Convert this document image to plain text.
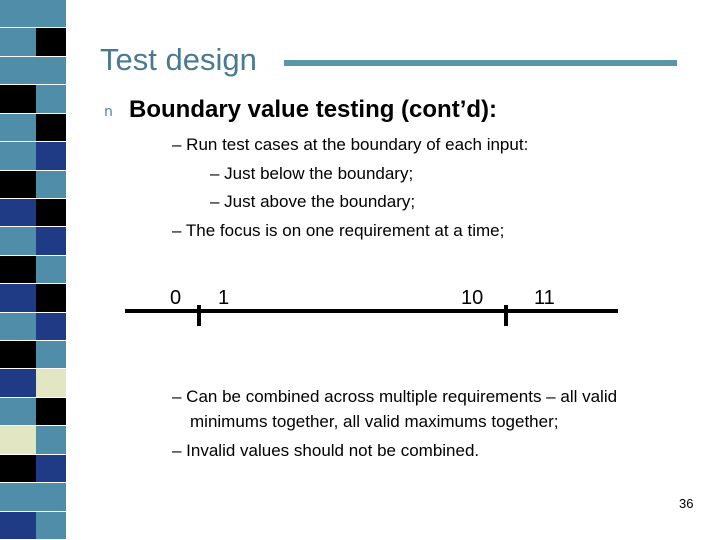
Test design
n Boundary value testing (cont’d):
– Run test cases at the boundary of each input:
– Just below the boundary;
– Just above the boundary;
– The focus is on one requirement at a time;
0 1	10	11
– Can be combined across multiple requirements – all valid
minimums together, all valid maximums together;
– Invalid values should not be combined.
36
